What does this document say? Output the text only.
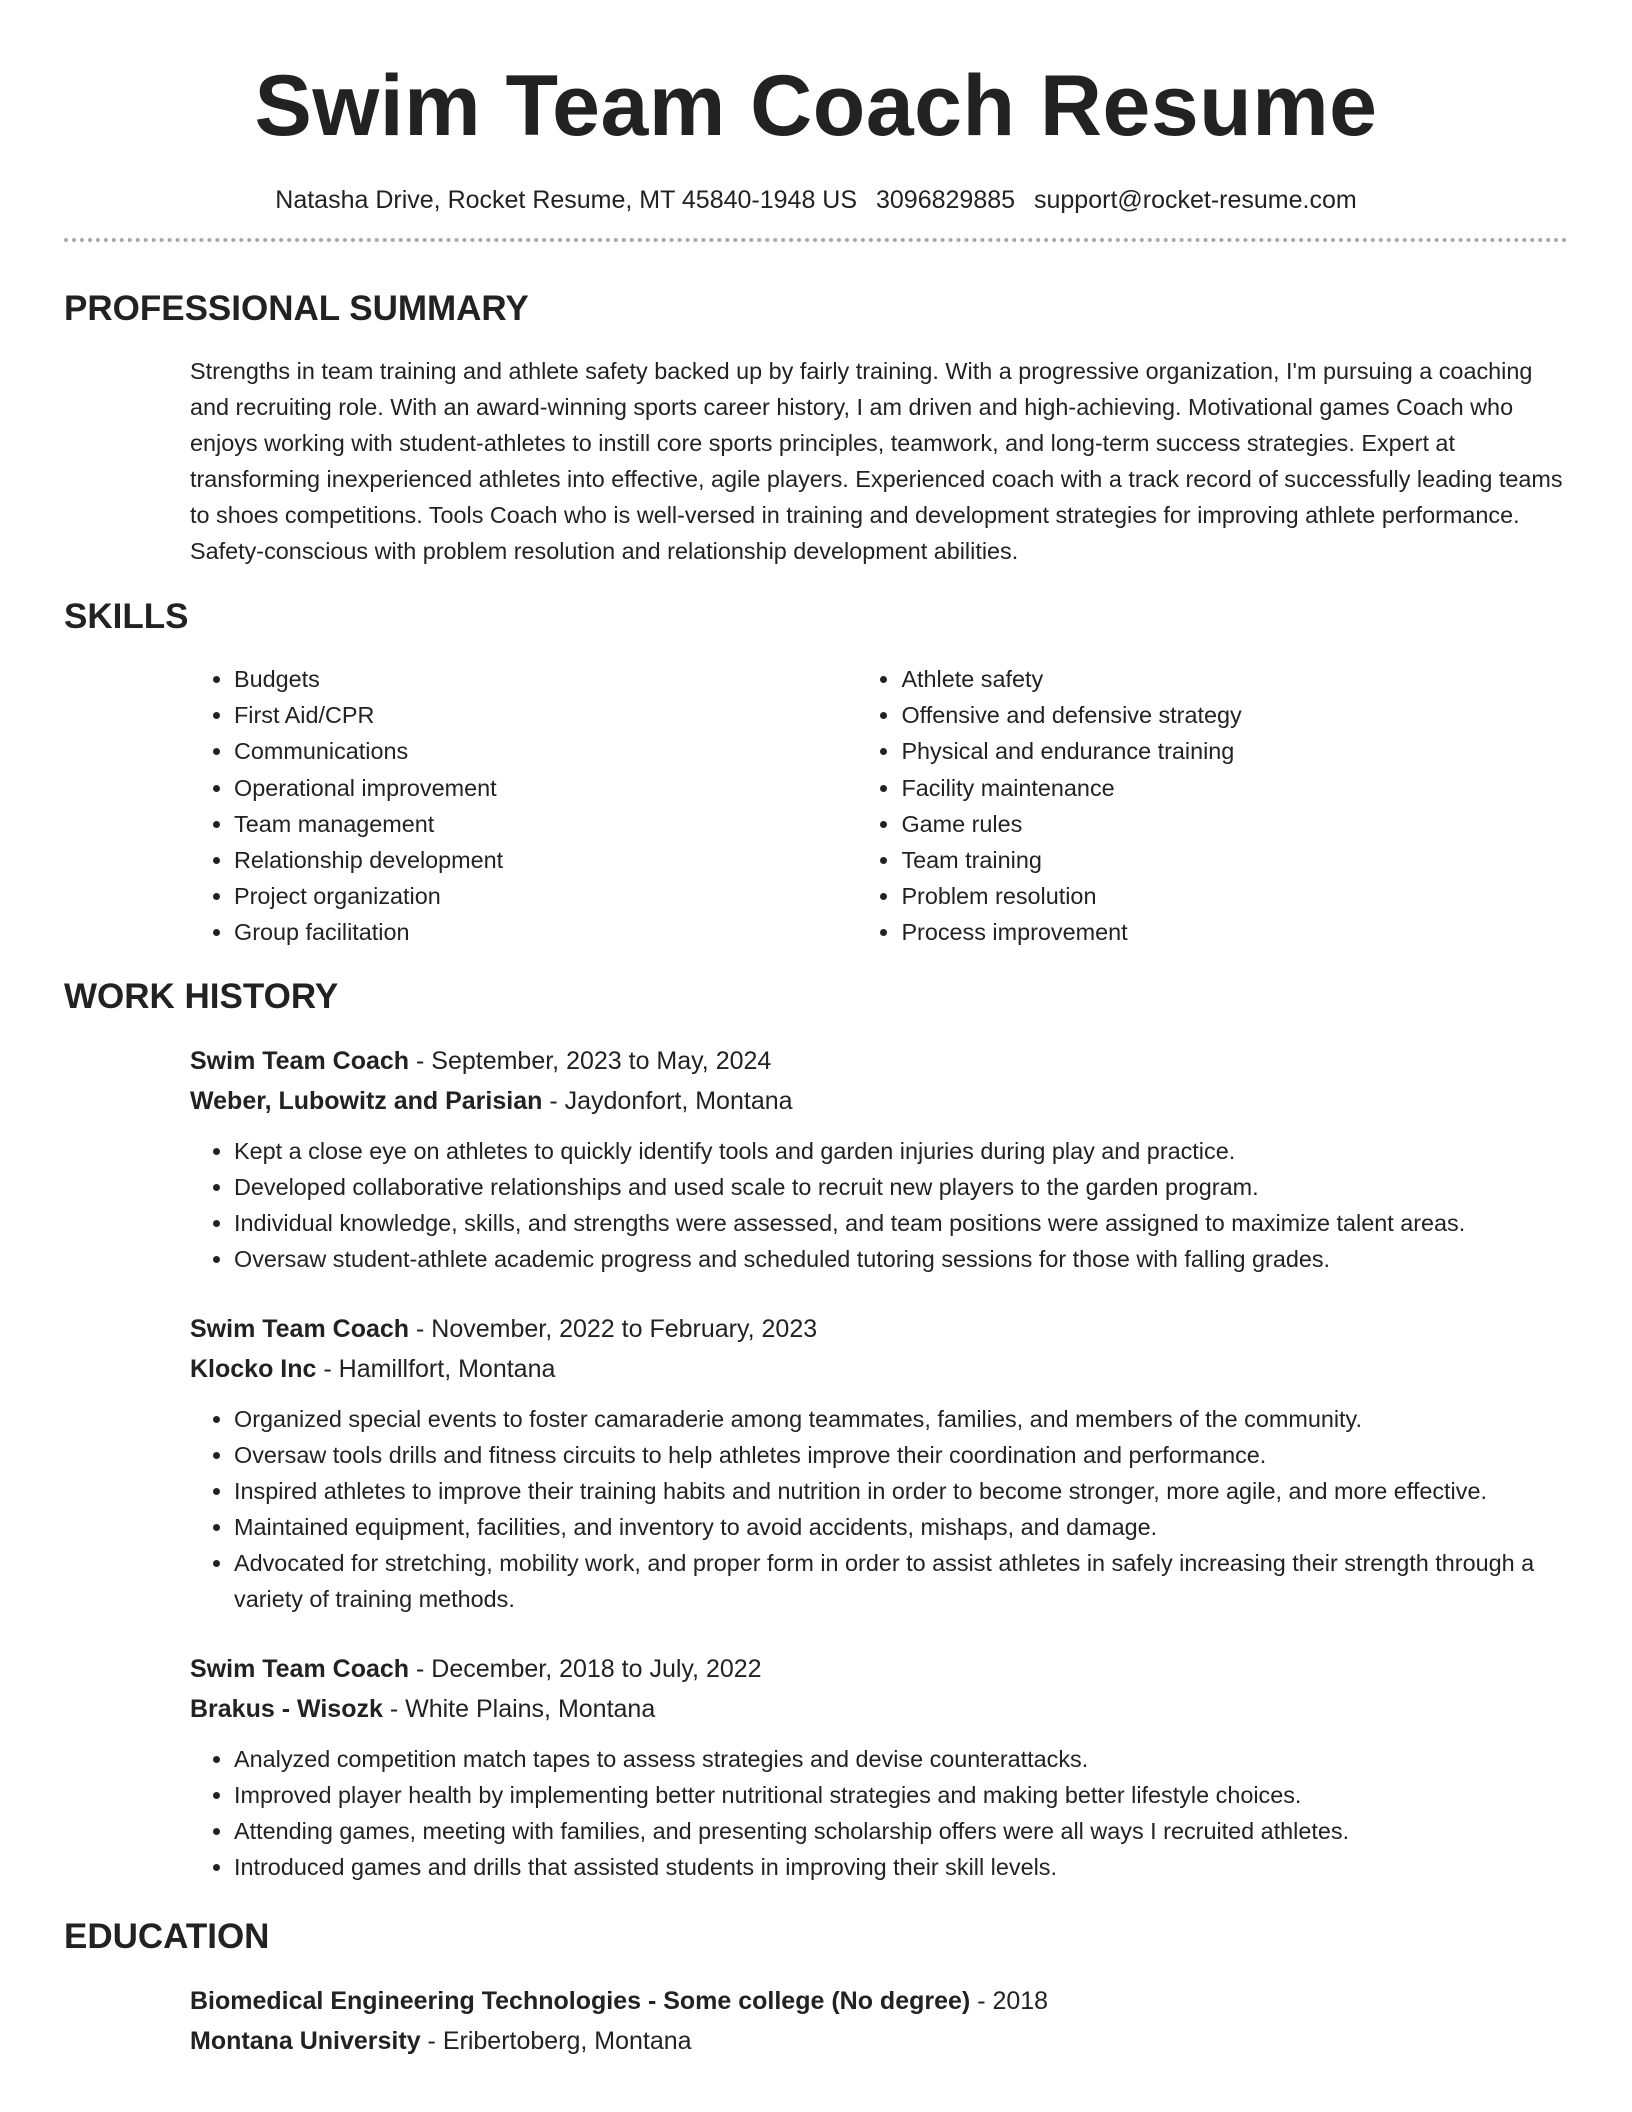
Swim Team Coach Resume
Natasha Drive, Rocket Resume, MT 45840-1948 US 3096829885 support@rocket-resume.com
PROFESSIONAL SUMMARY
Strengths in team training and athlete safety backed up by fairly training. With a progressive organization, I'm pursuing a coaching and recruiting role. With an award-winning sports career history, I am driven and high-achieving. Motivational games Coach who enjoys working with student-athletes to instill core sports principles, teamwork, and long-term success strategies. Expert at transforming inexperienced athletes into effective, agile players. Experienced coach with a track record of successfully leading teams to shoes competitions. Tools Coach who is well-versed in training and development strategies for improving athlete performance. Safety-conscious with problem resolution and relationship development abilities.
SKILLS
• Budgets
• First Aid/CPR
• Communications
• Operational improvement
• Team management
• Relationship development
• Project organization
• Group facilitation
• Athlete safety
• Offensive and defensive strategy
• Physical and endurance training
• Facility maintenance
• Game rules
• Team training
• Problem resolution
• Process improvement
WORK HISTORY
Swim Team Coach - September, 2023 to May, 2024
Weber, Lubowitz and Parisian - Jaydonfort, Montana
• Kept a close eye on athletes to quickly identify tools and garden injuries during play and practice.
• Developed collaborative relationships and used scale to recruit new players to the garden program.
• Individual knowledge, skills, and strengths were assessed, and team positions were assigned to maximize talent areas.
• Oversaw student-athlete academic progress and scheduled tutoring sessions for those with falling grades.
Swim Team Coach - November, 2022 to February, 2023
Klocko Inc - Hamillfort, Montana
• Organized special events to foster camaraderie among teammates, families, and members of the community.
• Oversaw tools drills and fitness circuits to help athletes improve their coordination and performance.
• Inspired athletes to improve their training habits and nutrition in order to become stronger, more agile, and more effective.
• Maintained equipment, facilities, and inventory to avoid accidents, mishaps, and damage.
• Advocated for stretching, mobility work, and proper form in order to assist athletes in safely increasing their strength through a variety of training methods.
Swim Team Coach - December, 2018 to July, 2022
Brakus - Wisozk - White Plains, Montana
• Analyzed competition match tapes to assess strategies and devise counterattacks.
• Improved player health by implementing better nutritional strategies and making better lifestyle choices.
• Attending games, meeting with families, and presenting scholarship offers were all ways I recruited athletes.
• Introduced games and drills that assisted students in improving their skill levels.
EDUCATION
Biomedical Engineering Technologies - Some college (No degree) - 2018
Montana University - Eribertoberg, Montana
